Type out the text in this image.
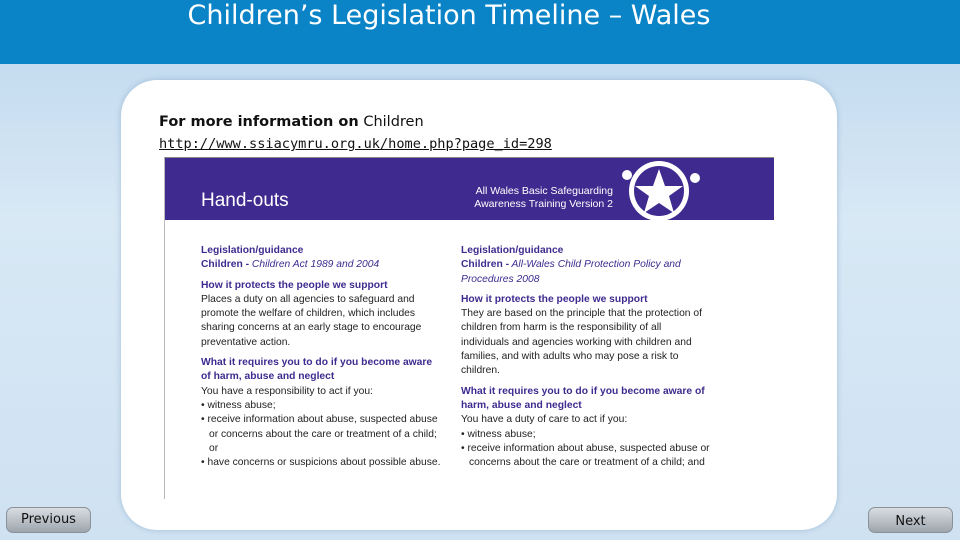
Children’s Legislation Timeline – Wales
For more information on Children
http://www.ssiacymru.org.uk/home.php?page_id=298
Hand-outs	All Wales Basic Safeguarding
Awareness Training Version 2
Legislation/guidance
Children - Children Act 1989 and 2004
How it protects the people we support
Places a duty on all agencies to safeguard and promote the welfare of children, which includes sharing concerns at an early stage to encourage preventative action.
What it requires you to do if you become aware of harm, abuse and neglect
You have a responsibility to act if you:
• witness abuse;
• receive information about abuse, suspected abuse or concerns about the care or treatment of a child; or
• have concerns or suspicions about possible abuse.
Legislation/guidance
Children - All-Wales Child Protection Policy and Procedures 2008
How it protects the people we support
They are based on the principle that the protection of children from harm is the responsibility of all individuals and agencies working with children and families, and with adults who may pose a risk to children.
What it requires you to do if you become aware of harm, abuse and neglect
You have a duty of care to act if you:
• witness abuse;
• receive information about abuse, suspected abuse or concerns about the care or treatment of a child; and
Previous	Next
